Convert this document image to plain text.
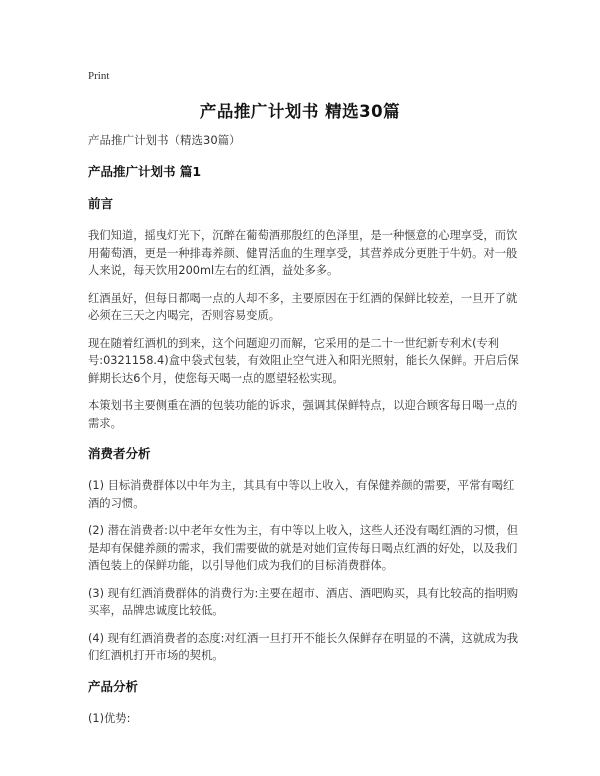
Print
产品推广计划书 精选30篇
产品推广计划书（精选30篇）
产品推广计划书 篇1
前言
我们知道，摇曳灯光下，沉醉在葡萄酒那殷红的色泽里，是一种惬意的心理享受，而饮用葡萄酒，更是一种排毒养颜、健胃活血的生理享受，其营养成分更胜于牛奶。对一般人来说，每天饮用200ml左右的红酒，益处多多。
红酒虽好，但每日都喝一点的人却不多，主要原因在于红酒的保鲜比较差，一旦开了就必须在三天之内喝完，否则容易变质。
现在随着红酒机的到来，这个问题迎刃而解，它采用的是二十一世纪新专利术(专利号:0321158.4)盒中袋式包装，有效阻止空气进入和阳光照射，能长久保鲜。开启后保鲜期长达6个月，使您每天喝一点的愿望轻松实现。
本策划书主要侧重在酒的包装功能的诉求，强调其保鲜特点，以迎合顾客每日喝一点的需求。
消费者分析
(1) 目标消费群体以中年为主，其具有中等以上收入，有保健养颜的需要，平常有喝红酒的习惯。
(2) 潜在消费者:以中老年女性为主，有中等以上收入，这些人还没有喝红酒的习惯，但是却有保健养颜的需求，我们需要做的就是对她们宣传每日喝点红酒的好处，以及我们酒包装上的保鲜功能，以引导他们成为我们的目标消费群体。
(3) 现有红酒消费群体的消费行为:主要在超市、酒店、酒吧购买，具有比较高的指明购买率，品牌忠诚度比较低。
(4) 现有红酒消费者的态度:对红酒一旦打开不能长久保鲜存在明显的不满，这就成为我们红酒机打开市场的契机。
产品分析
(1)优势:
